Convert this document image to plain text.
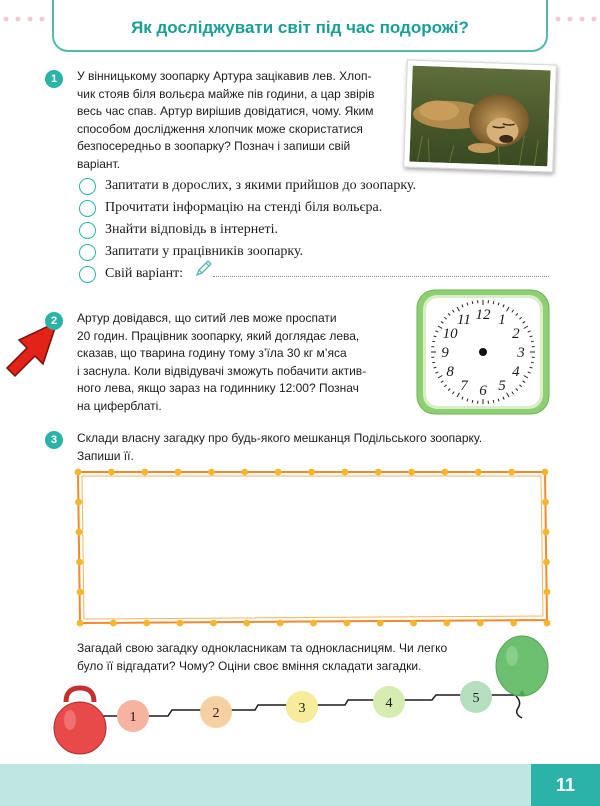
Як досліджувати світ під час подорожі?
1	У вінницькому зоопарку Артура зацікавив лев. Хлоп-
чик стояв біля вольєра майже пів години, а цар звірів
весь час спав. Артур вирішив довідатися, чому. Яким
способом дослідження хлопчик може скористатися
безпосередньо в зоопарку? Познач і запиши свій
варіант.
Запитати в дорослих, з якими прийшов до зоопарку.
Прочитати інформацію на стенді біля вольєра.
Знайти відповідь в інтернеті.
Запитати у працівників зоопарку.
Свій варіант:
2	Артур довідався, що ситий лев може проспати
20 годин. Працівник зоопарку, який доглядає лева,
сказав, що тварина годину тому з’їла 30 кг м’яса
і заснула. Коли відвідувачі зможуть побачити актив-
ного лева, якщо зараз на годиннику 12:00? Познач
на циферблаті.
12 1
2
3
4
5
6
7
8
9
10
11
3	Склади власну загадку про будь-якого мешканця Подільського зоопарку.
Запиши її.
Загадай свою загадку однокласникам та однокласницям. Чи легко
було її відгадати? Чому? Оціни своє вміння складати загадки.
1	2	3	4	5
11
